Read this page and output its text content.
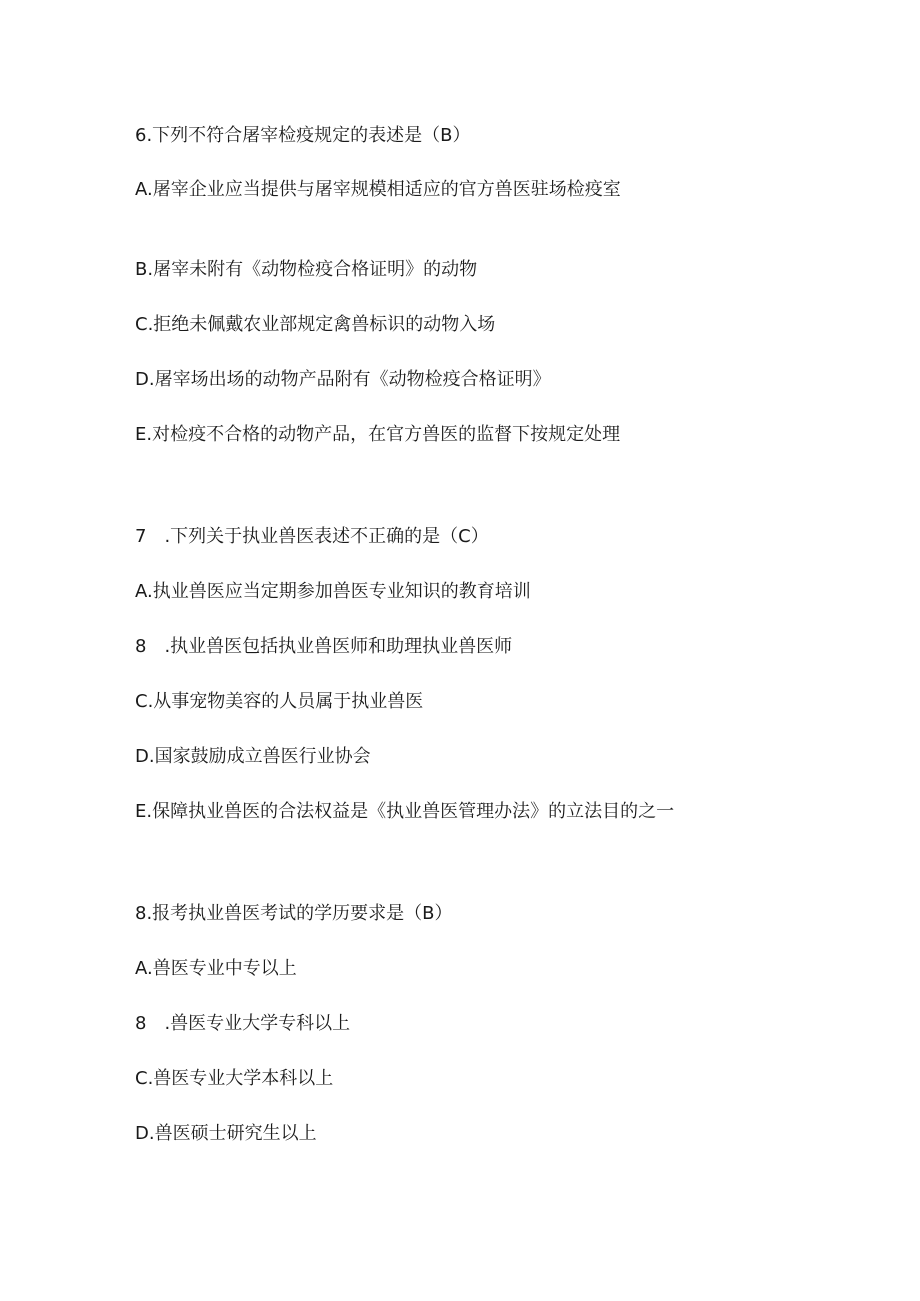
6.下列不符合屠宰检疫规定的表述是（B）
A.屠宰企业应当提供与屠宰规模相适应的官方兽医驻场检疫室
B.屠宰未附有《动物检疫合格证明》的动物
C.拒绝未佩戴农业部规定禽兽标识的动物入场
D.屠宰场出场的动物产品附有《动物检疫合格证明》
E.对检疫不合格的动物产品，在官方兽医的监督下按规定处理
7　.下列关于执业兽医表述不正确的是（C）
A.执业兽医应当定期参加兽医专业知识的教育培训
8　.执业兽医包括执业兽医师和助理执业兽医师
C.从事宠物美容的人员属于执业兽医
D.国家鼓励成立兽医行业协会
E.保障执业兽医的合法权益是《执业兽医管理办法》的立法目的之一
8.报考执业兽医考试的学历要求是（B）
A.兽医专业中专以上
8　.兽医专业大学专科以上
C.兽医专业大学本科以上
D.兽医硕士研究生以上
